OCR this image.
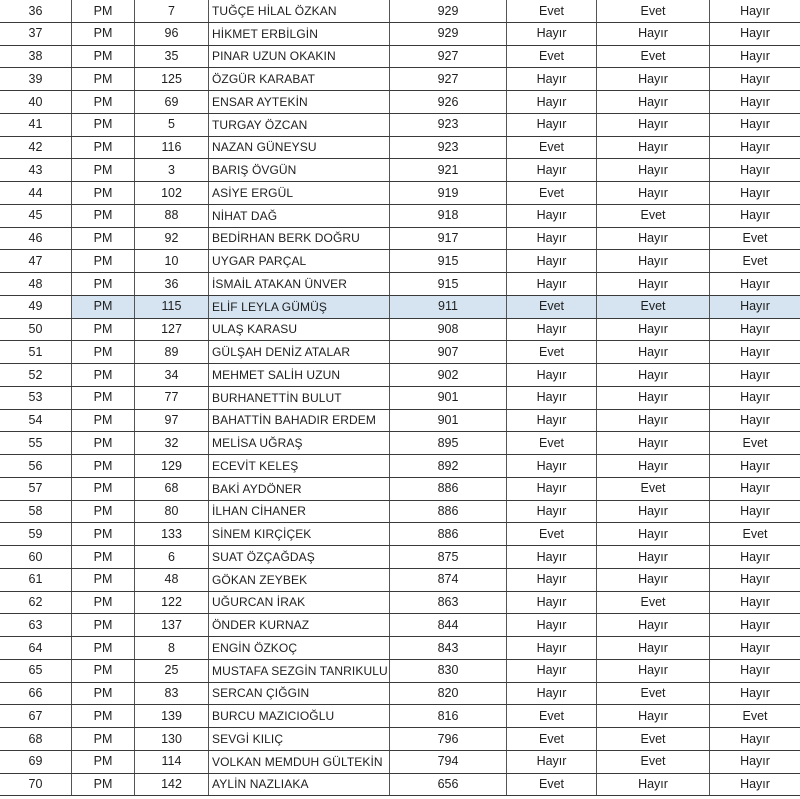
36	PM	7	TUĞÇE HİLAL ÖZKAN	929	Evet	Evet	Hayır
37	PM	96	HİKMET ERBİLGİN	929	Hayır	Hayır	Hayır
38	PM	35	PINAR UZUN OKAKIN	927	Evet	Evet	Hayır
39	PM	125	ÖZGÜR KARABAT	927	Hayır	Hayır	Hayır
40	PM	69	ENSAR AYTEKİN	926	Hayır	Hayır	Hayır
41	PM	5	TURGAY ÖZCAN	923	Hayır	Hayır	Hayır
42	PM	116	NAZAN GÜNEYSU	923	Evet	Hayır	Hayır
43	PM	3	BARIŞ ÖVGÜN	921	Hayır	Hayır	Hayır
44	PM	102	ASİYE ERGÜL	919	Evet	Hayır	Hayır
45	PM	88	NİHAT DAĞ	918	Hayır	Evet	Hayır
46	PM	92	BEDİRHAN BERK DOĞRU	917	Hayır	Hayır	Evet
47	PM	10	UYGAR PARÇAL	915	Hayır	Hayır	Evet
48	PM	36	İSMAİL ATAKAN ÜNVER	915	Hayır	Hayır	Hayır
49	PM	115	ELİF LEYLA GÜMÜŞ	911	Evet	Evet	Hayır
50	PM	127	ULAŞ KARASU	908	Hayır	Hayır	Hayır
51	PM	89	GÜLŞAH DENİZ ATALAR	907	Evet	Hayır	Hayır
52	PM	34	MEHMET SALİH UZUN	902	Hayır	Hayır	Hayır
53	PM	77	BURHANETTİN BULUT	901	Hayır	Hayır	Hayır
54	PM	97	BAHATTİN BAHADIR ERDEM	901	Hayır	Hayır	Hayır
55	PM	32	MELİSA UĞRAŞ	895	Evet	Hayır	Evet
56	PM	129	ECEVİT KELEŞ	892	Hayır	Hayır	Hayır
57	PM	68	BAKİ AYDÖNER	886	Hayır	Evet	Hayır
58	PM	80	İLHAN CİHANER	886	Hayır	Hayır	Hayır
59	PM	133	SİNEM KIRÇİÇEK	886	Evet	Hayır	Evet
60	PM	6	SUAT ÖZÇAĞDAŞ	875	Hayır	Hayır	Hayır
61	PM	48	GÖKAN ZEYBEK	874	Hayır	Hayır	Hayır
62	PM	122	UĞURCAN İRAK	863	Hayır	Evet	Hayır
63	PM	137	ÖNDER KURNAZ	844	Hayır	Hayır	Hayır
64	PM	8	ENGİN ÖZKOÇ	843	Hayır	Hayır	Hayır
65	PM	25	MUSTAFA SEZGİN TANRIKULU	830	Hayır	Hayır	Hayır
66	PM	83	SERCAN ÇIĞGIN	820	Hayır	Evet	Hayır
67	PM	139	BURCU MAZICIOĞLU	816	Evet	Hayır	Evet
68	PM	130	SEVGİ KILIÇ	796	Evet	Evet	Hayır
69	PM	114	VOLKAN MEMDUH GÜLTEKİN	794	Hayır	Evet	Hayır
70	PM	142	AYLİN NAZLIAKA	656	Evet	Hayır	Hayır
